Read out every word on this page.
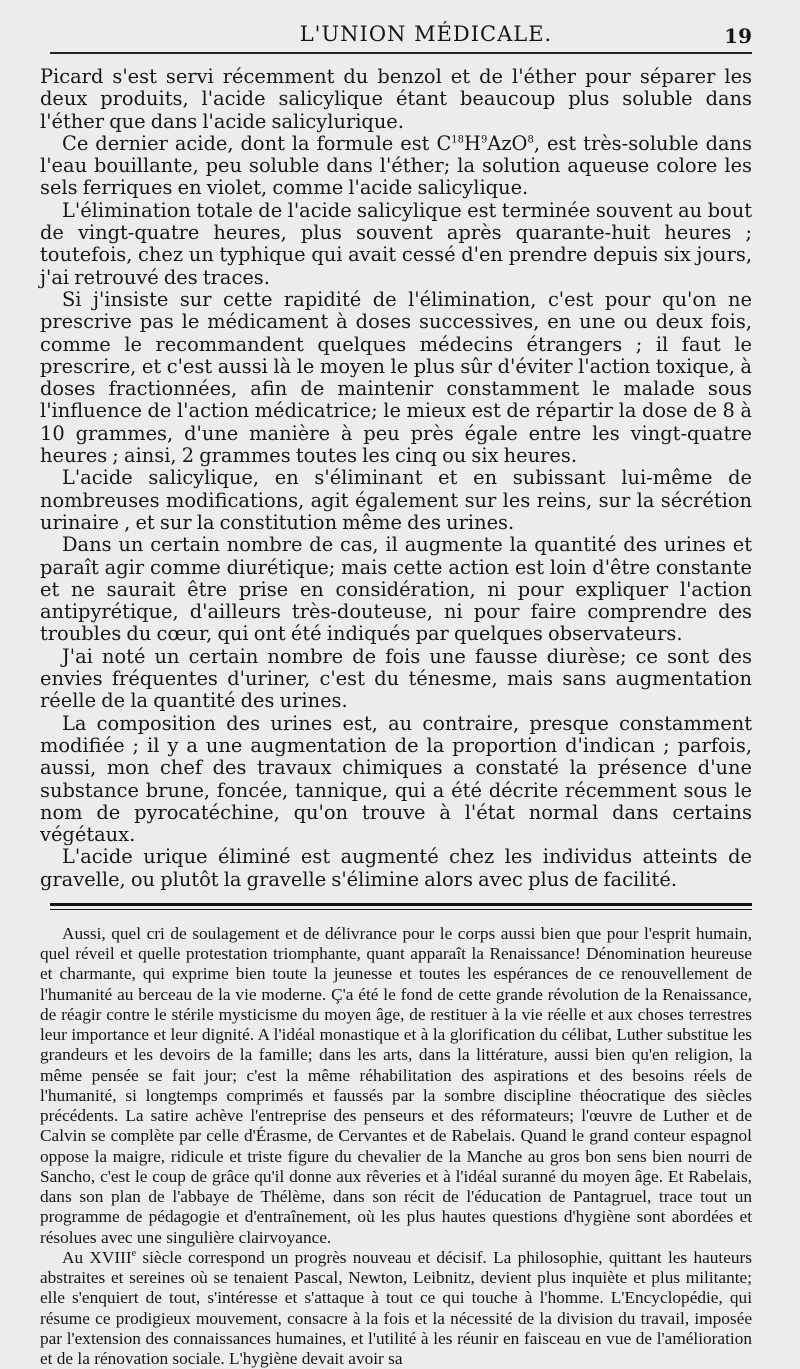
L'UNION MÉDICALE.	19

Picard s'est servi récemment du benzol et de l'éther pour séparer les deux produits, l'acide salicylique étant beaucoup plus soluble dans l'éther que dans l'acide salicylurique.

Ce dernier acide, dont la formule est $C^{18}H^9AzO^8$, est très-soluble dans l'eau bouillante, peu soluble dans l'éther; la solution aqueuse colore les sels ferriques en violet, comme l'acide salicylique.

L'élimination totale de l'acide salicylique est terminée souvent au bout de vingt-quatre heures, plus souvent après quarante-huit heures ; toutefois, chez un typhique qui avait cessé d'en prendre depuis six jours, j'ai retrouvé des traces.

Si j'insiste sur cette rapidité de l'élimination, c'est pour qu'on ne prescrive pas le médicament à doses successives, en une ou deux fois, comme le recommandent quelques médecins étrangers ; il faut le prescrire, et c'est aussi là le moyen le plus sûr d'éviter l'action toxique, à doses fractionnées, afin de maintenir constamment le malade sous l'influence de l'action médicatrice; le mieux est de répartir la dose de 8 à 10 grammes, d'une manière à peu près égale entre les vingt-quatre heures ; ainsi, 2 grammes toutes les cinq ou six heures.

L'acide salicylique, en s'éliminant et en subissant lui-même de nombreuses modifications, agit également sur les reins, sur la sécrétion urinaire , et sur la constitution même des urines.

Dans un certain nombre de cas, il augmente la quantité des urines et paraît agir comme diurétique; mais cette action est loin d'être constante et ne saurait être prise en considération, ni pour expliquer l'action antipyrétique, d'ailleurs très-douteuse, ni pour faire comprendre des troubles du cœur, qui ont été indiqués par quelques observateurs.

J'ai noté un certain nombre de fois une fausse diurèse; ce sont des envies fréquentes d'uriner, c'est du ténesme, mais sans augmentation réelle de la quantité des urines.

La composition des urines est, au contraire, presque constamment modifiée ; il y a une augmentation de la proportion d'indican ; parfois, aussi, mon chef des travaux chimiques a constaté la présence d'une substance brune, foncée, tannique, qui a été décrite récemment sous le nom de pyrocatéchine, qu'on trouve à l'état normal dans certains végétaux.

L'acide urique éliminé est augmenté chez les individus atteints de gravelle, ou plutôt la gravelle s'élimine alors avec plus de facilité.

Aussi, quel cri de soulagement et de délivrance pour le corps aussi bien que pour l'esprit humain, quel réveil et quelle protestation triomphante, quant apparaît la Renaissance! Dénomination heureuse et charmante, qui exprime bien toute la jeunesse et toutes les espérances de ce renouvellement de l'humanité au berceau de la vie moderne. Ç'a été le fond de cette grande révolution de la Renaissance, de réagir contre le stérile mysticisme du moyen âge, de restituer à la vie réelle et aux choses terrestres leur importance et leur dignité. A l'idéal monastique et à la glorification du célibat, Luther substitue les grandeurs et les devoirs de la famille; dans les arts, dans la littérature, aussi bien qu'en religion, la même pensée se fait jour; c'est la même réhabilitation des aspirations et des besoins réels de l'humanité, si longtemps comprimés et faussés par la sombre discipline théocratique des siècles précédents. La satire achève l'entreprise des penseurs et des réformateurs; l'œuvre de Luther et de Calvin se complète par celle d'Érasme, de Cervantes et de Rabelais. Quand le grand conteur espagnol oppose la maigre, ridicule et triste figure du chevalier de la Manche au gros bon sens bien nourri de Sancho, c'est le coup de grâce qu'il donne aux rêveries et à l'idéal suranné du moyen âge. Et Rabelais, dans son plan de l'abbaye de Thélème, dans son récit de l'éducation de Pantagruel, trace tout un programme de pédagogie et d'entraînement, où les plus hautes questions d'hygiène sont abordées et résolues avec une singulière clairvoyance.

Au XVIIIe siècle correspond un progrès nouveau et décisif. La philosophie, quittant les hauteurs abstraites et sereines où se tenaient Pascal, Newton, Leibnitz, devient plus inquiète et plus militante; elle s'enquiert de tout, s'intéresse et s'attaque à tout ce qui touche à l'homme. L'Encyclopédie, qui résume ce prodigieux mouvement, consacre à la fois et la nécessité de la division du travail, imposée par l'extension des connaissances humaines, et l'utilité à les réunir en faisceau en vue de l'amélioration et de la rénovation sociale. L'hygiène devait avoir sa
